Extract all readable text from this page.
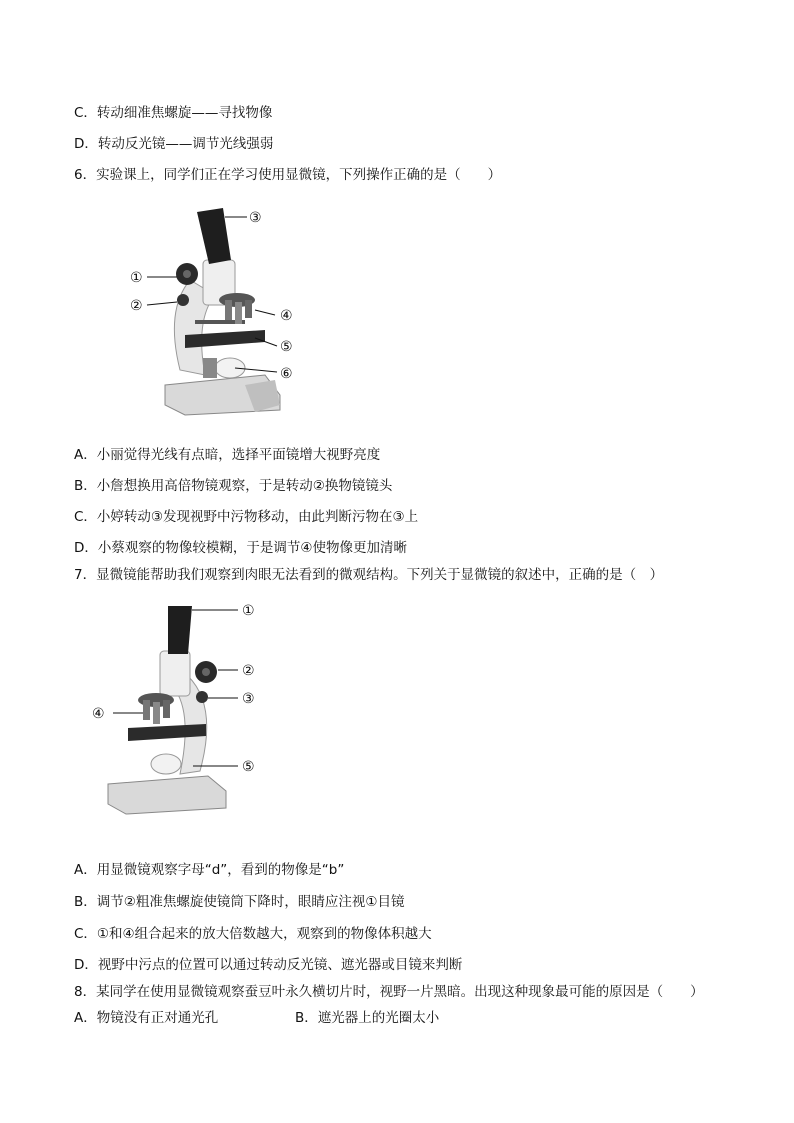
C．转动细准焦螺旋——寻找物像
D．转动反光镜——调节光线强弱
6．实验课上，同学们正在学习使用显微镜，下列操作正确的是（　　）
③
①
②
④
⑤
⑥
A．小丽觉得光线有点暗，选择平面镜增大视野亮度
B．小詹想换用高倍物镜观察，于是转动②换物镜镜头
C．小婷转动③发现视野中污物移动，由此判断污物在③上
D．小蔡观察的物像较模糊，于是调节④使物像更加清晰
7．显微镜能帮助我们观察到肉眼无法看到的微观结构。下列关于显微镜的叙述中，正确的是（　）
①
②
③
④
⑤
A．用显微镜观察字母“d”，看到的物像是“b”
B．调节②粗准焦螺旋使镜筒下降时，眼睛应注视①目镜
C．①和④组合起来的放大倍数越大，观察到的物像体积越大
D．视野中污点的位置可以通过转动反光镜、遮光器或目镜来判断
8．某同学在使用显微镜观察蚕豆叶永久横切片时，视野一片黑暗。出现这种现象最可能的原因是（　　）
A．物镜没有正对通光孔	B．遮光器上的光圈太小
